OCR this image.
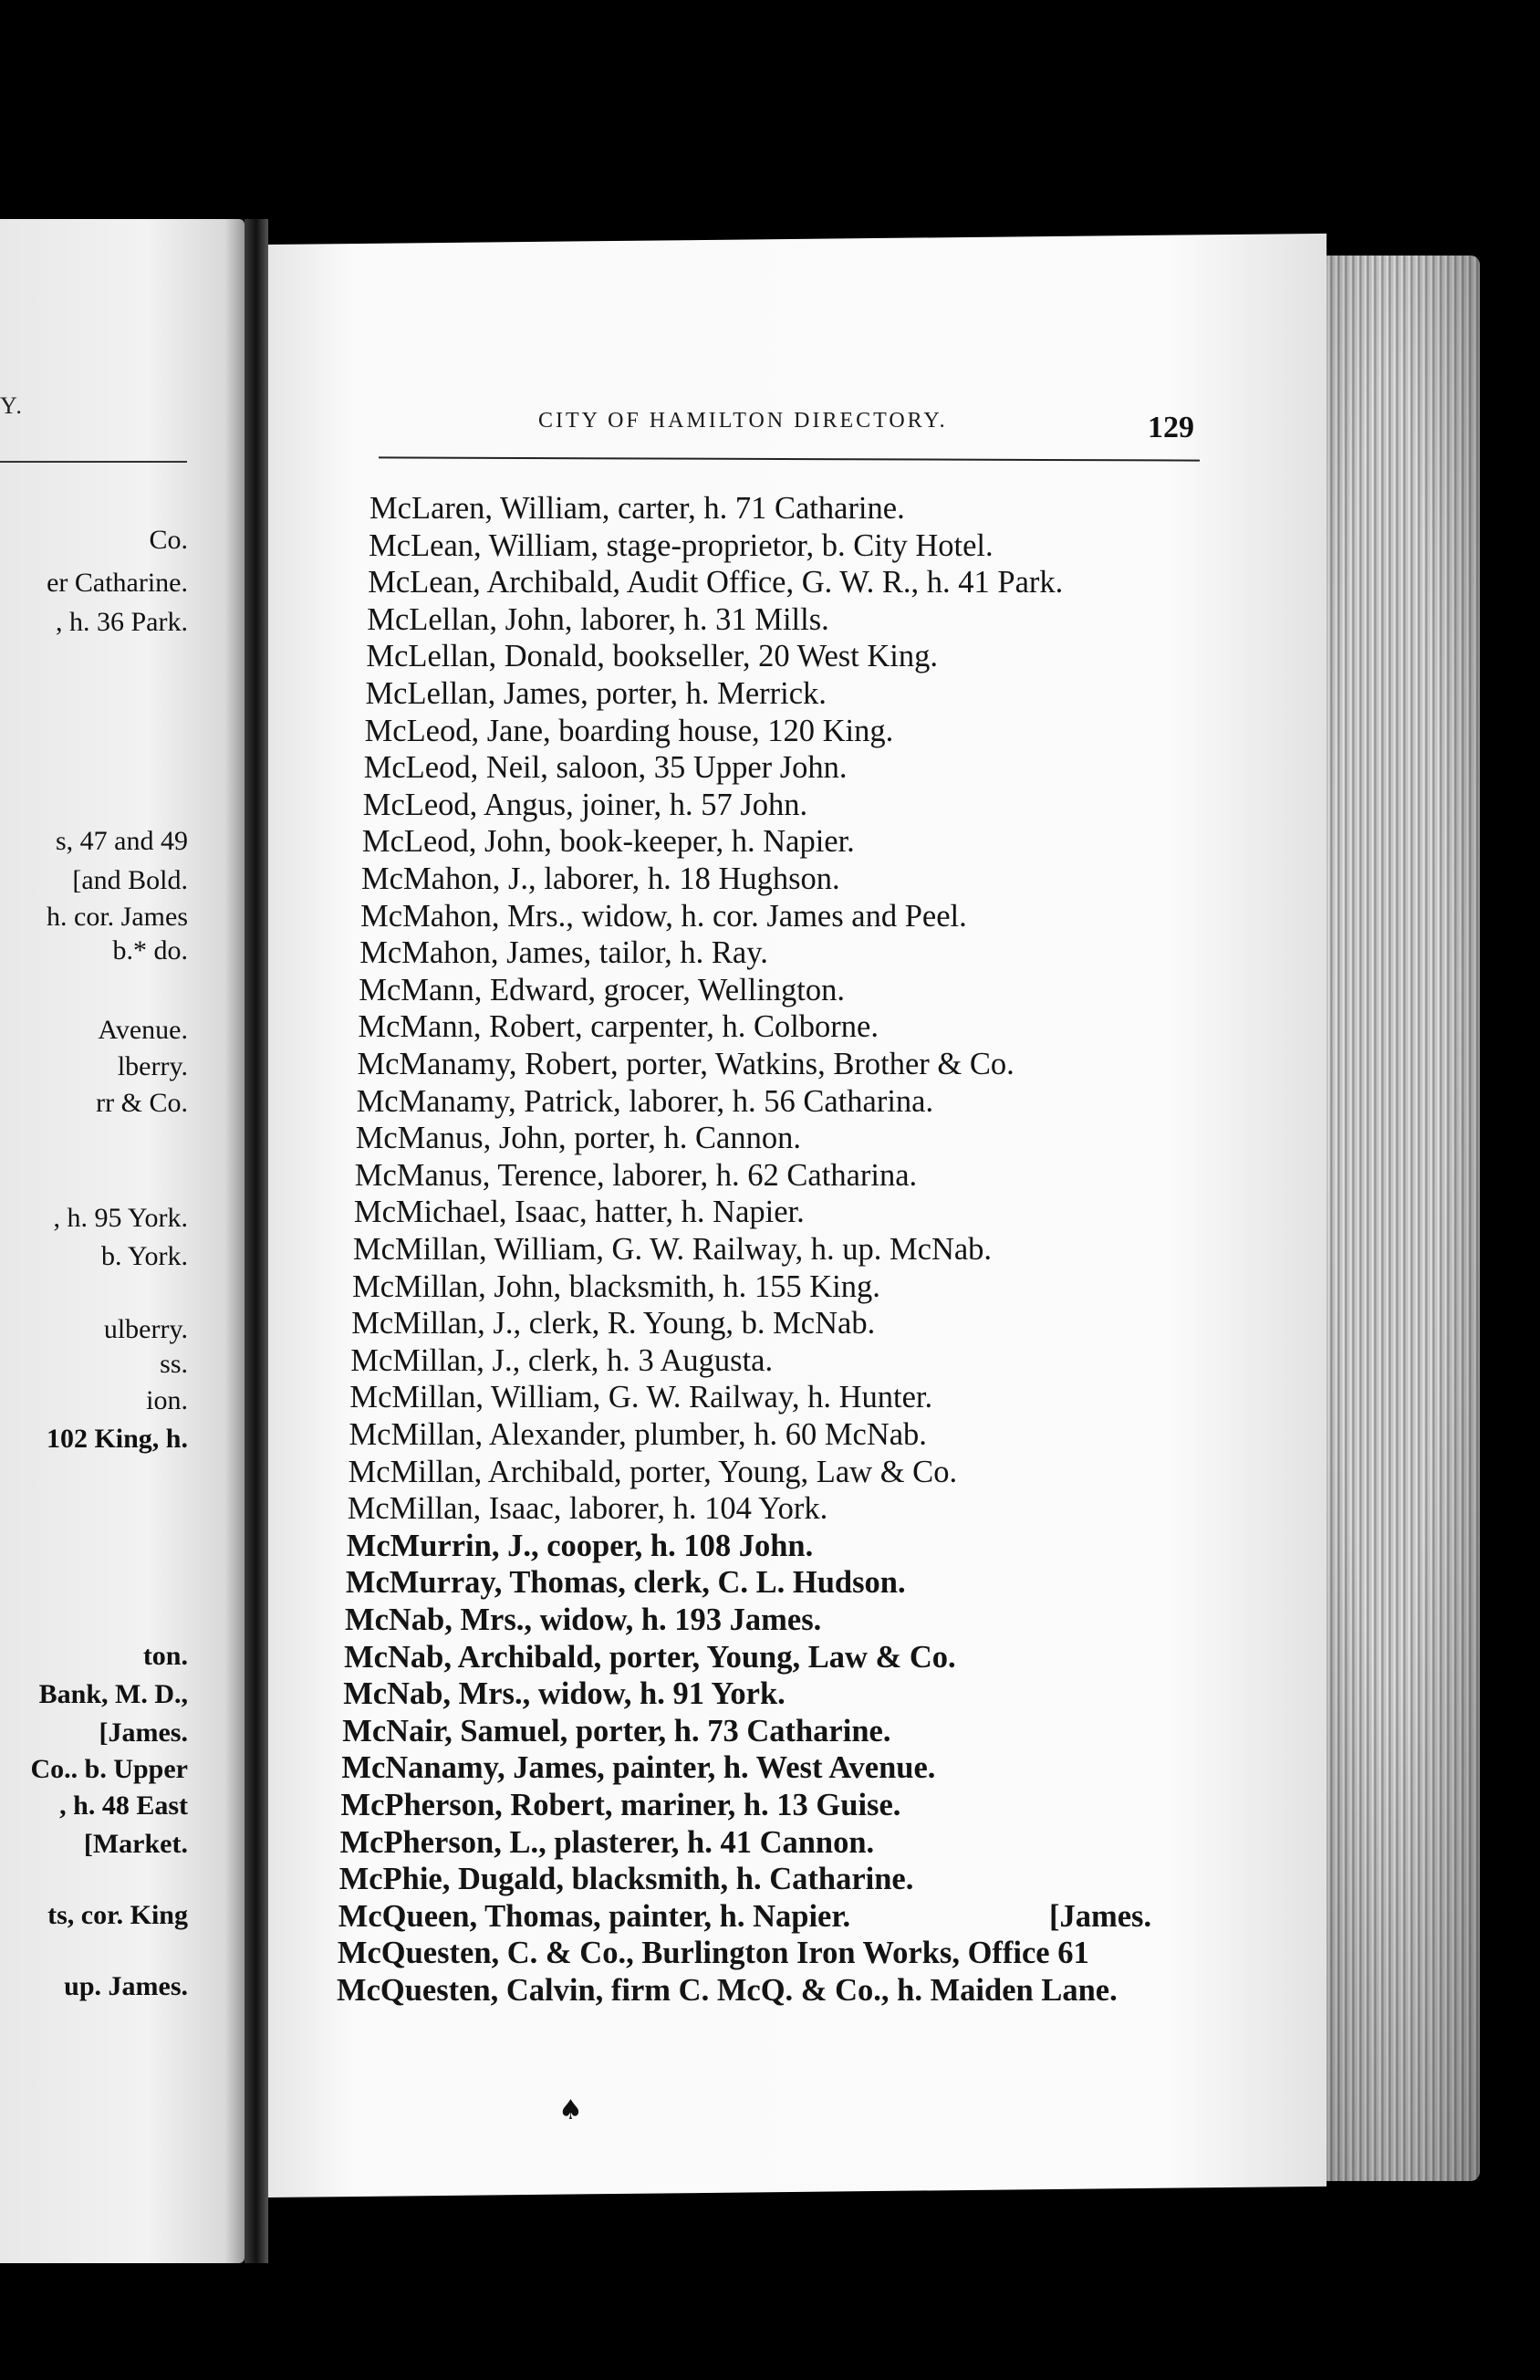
Y.
Co.
er Catharine.
, h. 36 Park.
s, 47 and 49
[and Bold.
h. cor. James
b.* do.
Avenue.
lberry.
rr & Co.
, h. 95 York.
b. York.
ulberry.
ss.
ion.
102 King, h.
ton.
Bank, M. D.,
[James.
Co.. b. Upper
, h. 48 East
[Market.
ts, cor. King
up. James.
CITY OF HAMILTON DIRECTORY.	129
McLaren, William, carter, h. 71 Catharine.
McLean, William, stage-proprietor, b. City Hotel.
McLean, Archibald, Audit Office, G. W. R., h. 41 Park.
McLellan, John, laborer, h. 31 Mills.
McLellan, Donald, bookseller, 20 West King.
McLellan, James, porter, h. Merrick.
McLeod, Jane, boarding house, 120 King.
McLeod, Neil, saloon, 35 Upper John.
McLeod, Angus, joiner, h. 57 John.
McLeod, John, book-keeper, h. Napier.
McMahon, J., laborer, h. 18 Hughson.
McMahon, Mrs., widow, h. cor. James and Peel.
McMahon, James, tailor, h. Ray.
McMann, Edward, grocer, Wellington.
McMann, Robert, carpenter, h. Colborne.
McManamy, Robert, porter, Watkins, Brother & Co.
McManamy, Patrick, laborer, h. 56 Catharina.
McManus, John, porter, h. Cannon.
McManus, Terence, laborer, h. 62 Catharina.
McMichael, Isaac, hatter, h. Napier.
McMillan, William, G. W. Railway, h. up. McNab.
McMillan, John, blacksmith, h. 155 King.
McMillan, J., clerk, R. Young, b. McNab.
McMillan, J., clerk, h. 3 Augusta.
McMillan, William, G. W. Railway, h. Hunter.
McMillan, Alexander, plumber, h. 60 McNab.
McMillan, Archibald, porter, Young, Law & Co.
McMillan, Isaac, laborer, h. 104 York.
McMurrin, J., cooper, h. 108 John.
McMurray, Thomas, clerk, C. L. Hudson.
McNab, Mrs., widow, h. 193 James.
McNab, Archibald, porter, Young, Law & Co.
McNab, Mrs., widow, h. 91 York.
McNair, Samuel, porter, h. 73 Catharine.
McNanamy, James, painter, h. West Avenue.
McPherson, Robert, mariner, h. 13 Guise.
McPherson, L., plasterer, h. 41 Cannon.
McPhie, Dugald, blacksmith, h. Catharine.
McQueen, Thomas, painter, h. Napier.
McQuesten, C. & Co., Burlington Iron Works, Office 61
McQuesten, Calvin, firm C. McQ. & Co., h. Maiden Lane.
[James.
♠
